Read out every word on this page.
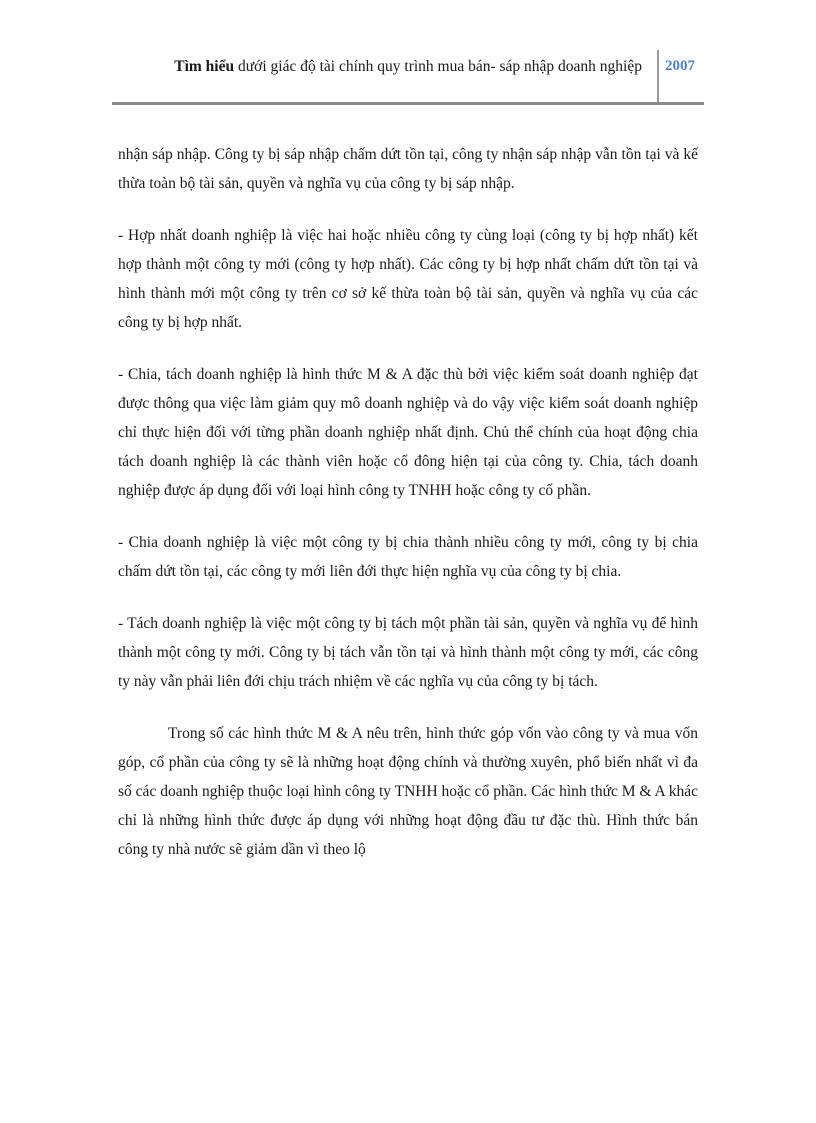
Tìm hiểu dưới giác độ tài chính quy trình mua bán- sáp nhập doanh nghiệp 2007

nhận sáp nhập. Công ty bị sáp nhập chấm dứt tồn tại, công ty nhận sáp nhập vẫn tồn tại và kế thừa toàn bộ tài sản, quyền và nghĩa vụ của công ty bị sáp nhập.

- Hợp nhất doanh nghiệp là việc hai hoặc nhiều công ty cùng loại (công ty bị hợp nhất) kết hợp thành một công ty mới (công ty hợp nhất). Các công ty bị hợp nhất chấm dứt tồn tại và hình thành mới một công ty trên cơ sở kế thừa toàn bộ tài sản, quyền và nghĩa vụ của các công ty bị hợp nhất.

- Chia, tách doanh nghiệp là hình thức M & A đặc thù bởi việc kiểm soát doanh nghiệp đạt được thông qua việc làm giảm quy mô doanh nghiệp và do vậy việc kiểm soát doanh nghiệp chỉ thực hiện đối với từng phần doanh nghiệp nhất định. Chủ thể chính của hoạt động chia tách doanh nghiệp là các thành viên hoặc cổ đông hiện tại của công ty. Chia, tách doanh nghiệp được áp dụng đối với loại hình công ty TNHH hoặc công ty cổ phần.

- Chia doanh nghiệp là việc một công ty bị chia thành nhiều công ty mới, công ty bị chia chấm dứt tồn tại, các công ty mới liên đới thực hiện nghĩa vụ của công ty bị chia.

- Tách doanh nghiệp là việc một công ty bị tách một phần tài sản, quyền và nghĩa vụ để hình thành một công ty mới. Công ty bị tách vẫn tồn tại và hình thành một công ty mới, các công ty này vẫn phải liên đới chịu trách nhiệm về các nghĩa vụ của công ty bị tách.

Trong số các hình thức M & A nêu trên, hình thức góp vốn vào công ty và mua vốn góp, cổ phần của công ty sẽ là những hoạt động chính và thường xuyên, phổ biến nhất vì đa số các doanh nghiệp thuộc loại hình công ty TNHH hoặc cổ phần. Các hình thức M & A khác chỉ là những hình thức được áp dụng với những hoạt động đầu tư đặc thù. Hình thức bán công ty nhà nước sẽ giảm dần vì theo lộ
